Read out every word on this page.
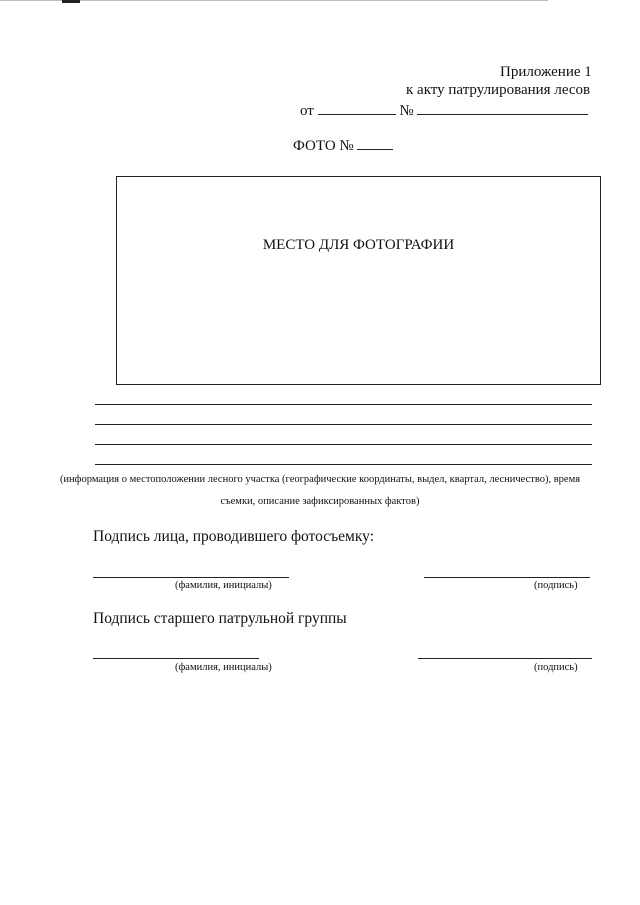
Приложение 1
к акту патрулирования лесов
от	№
ФОТО №
МЕСТО ДЛЯ ФОТОГРАФИИ
(информация о местоположении лесного участка (географические координаты, выдел, квартал, лесничество), время
съемки, описание зафиксированных фактов)
Подпись лица, проводившего фотосъемку:
(фамилия, инициалы)	(подпись)
Подпись старшего патрульной группы
(фамилия, инициалы)	(подпись)
